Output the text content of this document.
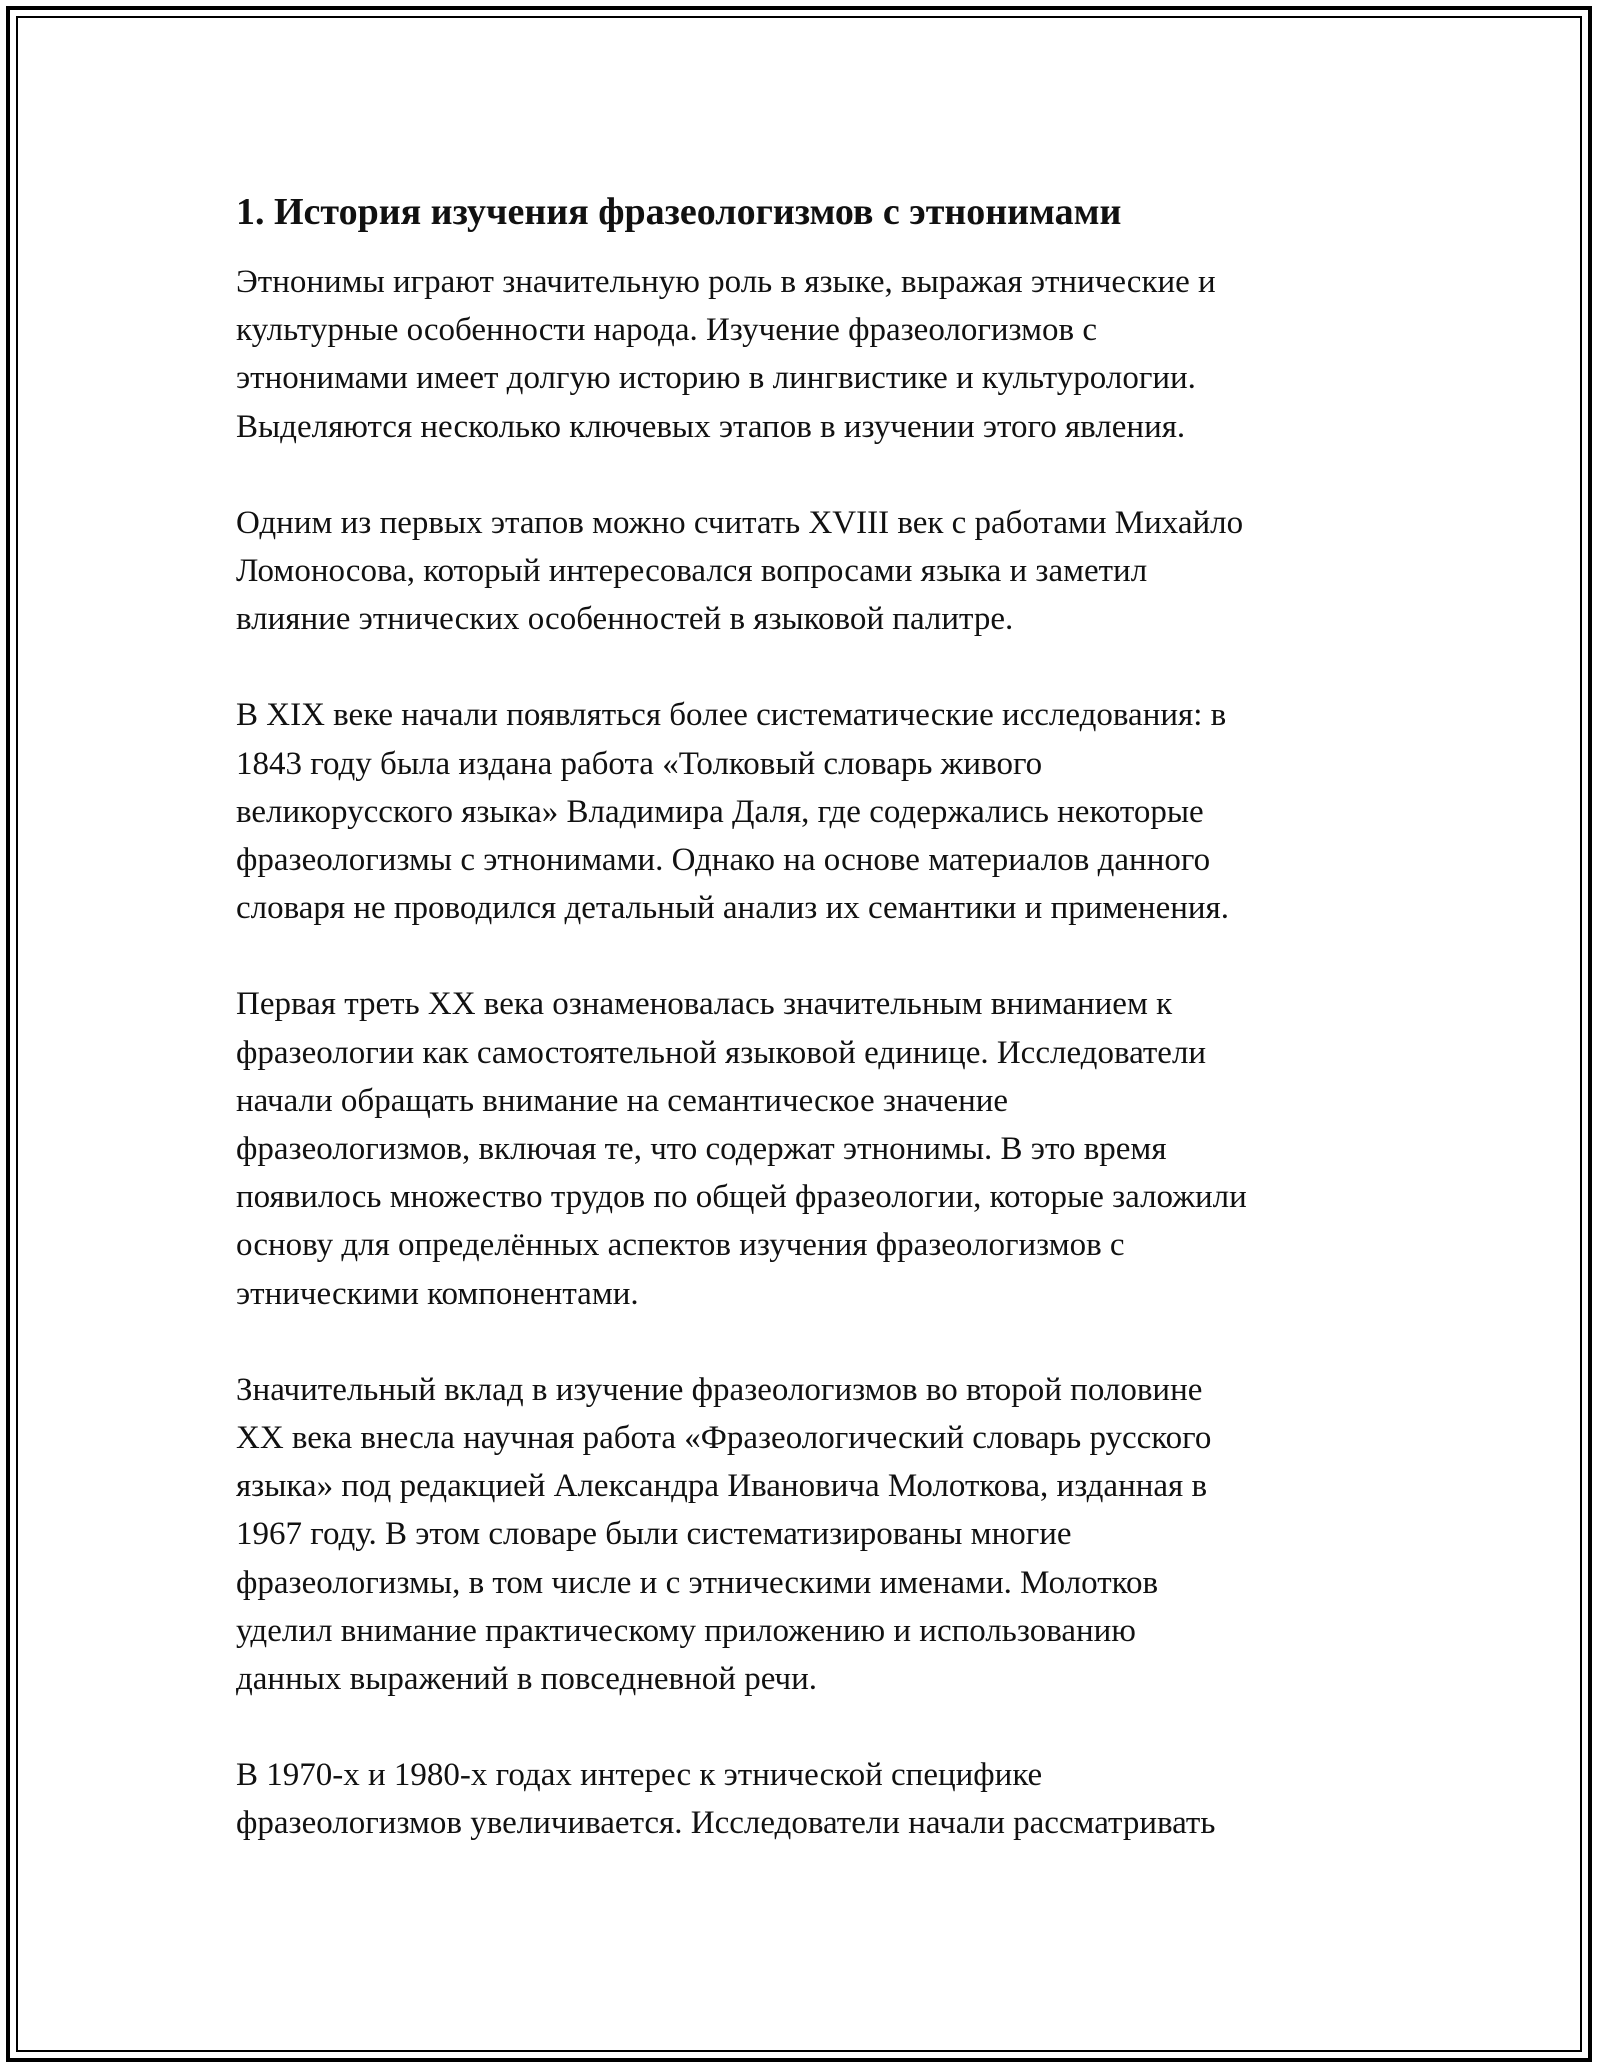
1. История изучения фразеологизмов с этнонимами

Этнонимы играют значительную роль в языке, выражая этнические и
культурные особенности народа. Изучение фразеологизмов с
этнонимами имеет долгую историю в лингвистике и культурологии.
Выделяются несколько ключевых этапов в изучении этого явления.

Одним из первых этапов можно считать XVIII век с работами Михайло
Ломоносова, который интересовался вопросами языка и заметил
влияние этнических особенностей в языковой палитре.

В XIX веке начали появляться более систематические исследования: в
1843 году была издана работа «Толковый словарь живого
великорусского языка» Владимира Даля, где содержались некоторые
фразеологизмы с этнонимами. Однако на основе материалов данного
словаря не проводился детальный анализ их семантики и применения.

Первая треть XX века ознаменовалась значительным вниманием к
фразеологии как самостоятельной языковой единице. Исследователи
начали обращать внимание на семантическое значение
фразеологизмов, включая те, что содержат этнонимы. В это время
появилось множество трудов по общей фразеологии, которые заложили
основу для определённых аспектов изучения фразеологизмов с
этническими компонентами.

Значительный вклад в изучение фразеологизмов во второй половине
XX века внесла научная работа «Фразеологический словарь русского
языка» под редакцией Александра Ивановича Молоткова, изданная в
1967 году. В этом словаре были систематизированы многие
фразеологизмы, в том числе и с этническими именами. Молотков
уделил внимание практическому приложению и использованию
данных выражений в повседневной речи.

В 1970-х и 1980-х годах интерес к этнической специфике
фразеологизмов увеличивается. Исследователи начали рассматривать
